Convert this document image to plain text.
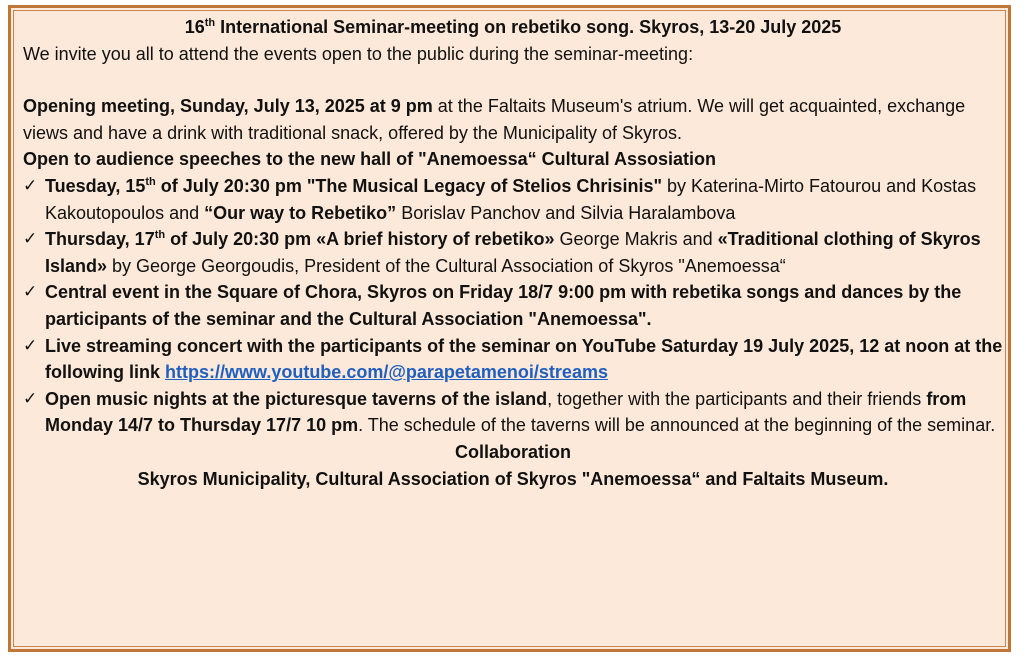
16th International Seminar-meeting on rebetiko song. Skyros, 13-20 July 2025

We invite you all to attend the events open to the public during the seminar-meeting:

Opening meeting, Sunday, July 13, 2025 at 9 pm at the Faltaits Museum's atrium. We will get acquainted, exchange views and have a drink with traditional snack, offered by the Municipality of Skyros.

Open to audience speeches to the new hall of "Anemoessa“ Cultural Assosiation

✓ Tuesday, 15th of July 20:30 pm "The Musical Legacy of Stelios Chrisinis" by Katerina-Mirto Fatourou and Kostas Kakoutopoulos and “Our way to Rebetiko” Borislav Panchov and Silvia Haralambova
✓ Thursday, 17th of July 20:30 pm «A brief history of rebetiko» George Makris and «Traditional clothing of Skyros Island» by George Georgoudis, President of the Cultural Association of Skyros "Anemoessa“
✓ Central event in the Square of Chora, Skyros on Friday 18/7 9:00 pm with rebetika songs and dances by the participants of the seminar and the Cultural Association "Anemoessa".
✓ Live streaming concert with the participants of the seminar on YouTube Saturday 19 July 2025, 12 at noon at the following link https://www.youtube.com/@parapetamenoi/streams
✓ Open music nights at the picturesque taverns of the island, together with the participants and their friends from Monday 14/7 to Thursday 17/7 10 pm. The schedule of the taverns will be announced at the beginning of the seminar.

Collaboration

Skyros Municipality, Cultural Association of Skyros "Anemoessa“ and Faltaits Museum.
